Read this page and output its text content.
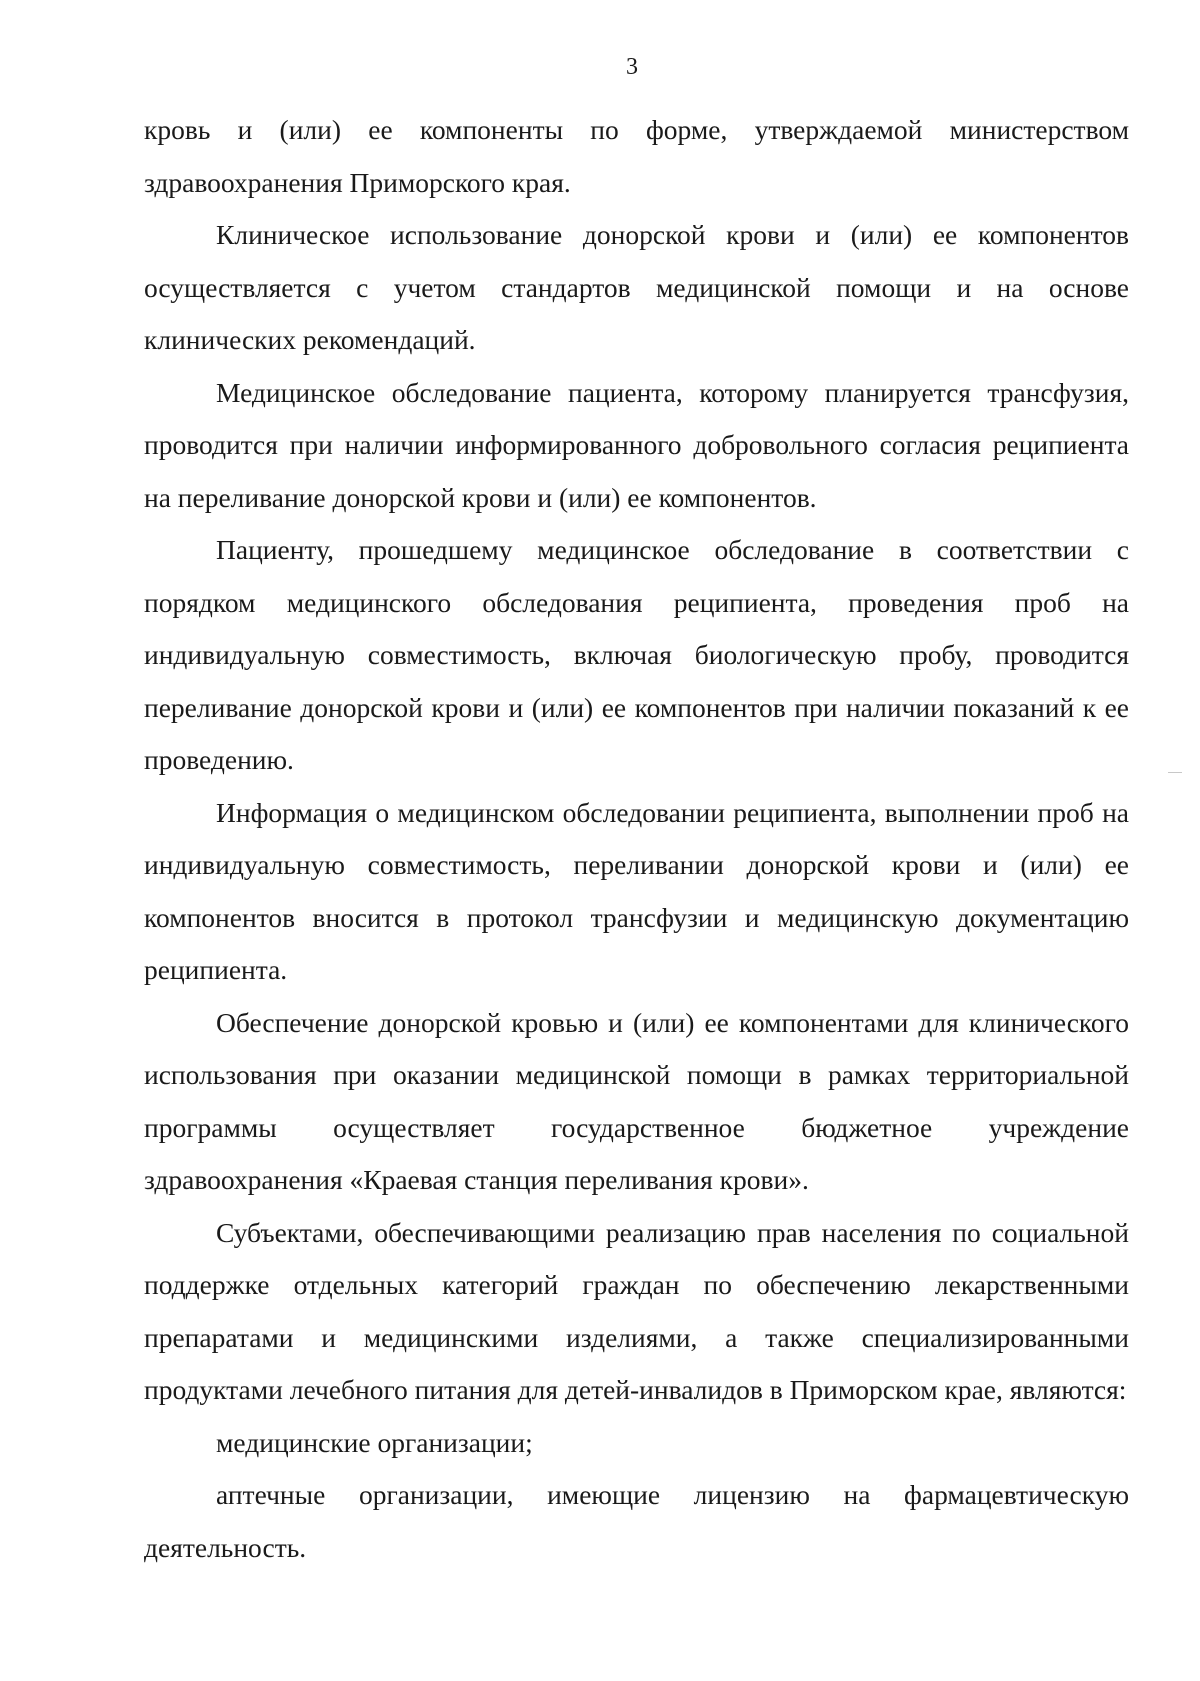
3

кровь и (или) ее компоненты по форме, утверждаемой министерством здравоохранения Приморского края.

Клиническое использование донорской крови и (или) ее компонентов осуществляется с учетом стандартов медицинской помощи и на основе клинических рекомендаций.

Медицинское обследование пациента, которому планируется трансфузия, проводится при наличии информированного добровольного согласия реципиента на переливание донорской крови и (или) ее компонентов.

Пациенту, прошедшему медицинское обследование в соответствии с порядком медицинского обследования реципиента, проведения проб на индивидуальную совместимость, включая биологическую пробу, проводится переливание донорской крови и (или) ее компонентов при наличии показаний к ее проведению.

Информация о медицинском обследовании реципиента, выполнении проб на индивидуальную совместимость, переливании донорской крови и (или) ее компонентов вносится в протокол трансфузии и медицинскую документацию реципиента.

Обеспечение донорской кровью и (или) ее компонентами для клинического использования при оказании медицинской помощи в рамках территориальной программы осуществляет государственное бюджетное учреждение здравоохранения «Краевая станция переливания крови».

Субъектами, обеспечивающими реализацию прав населения по социальной поддержке отдельных категорий граждан по обеспечению лекарственными препаратами и медицинскими изделиями, а также специализированными продуктами лечебного питания для детей-инвалидов в Приморском крае, являются:

медицинские организации;

аптечные организации, имеющие лицензию на фармацевтическую деятельность.
